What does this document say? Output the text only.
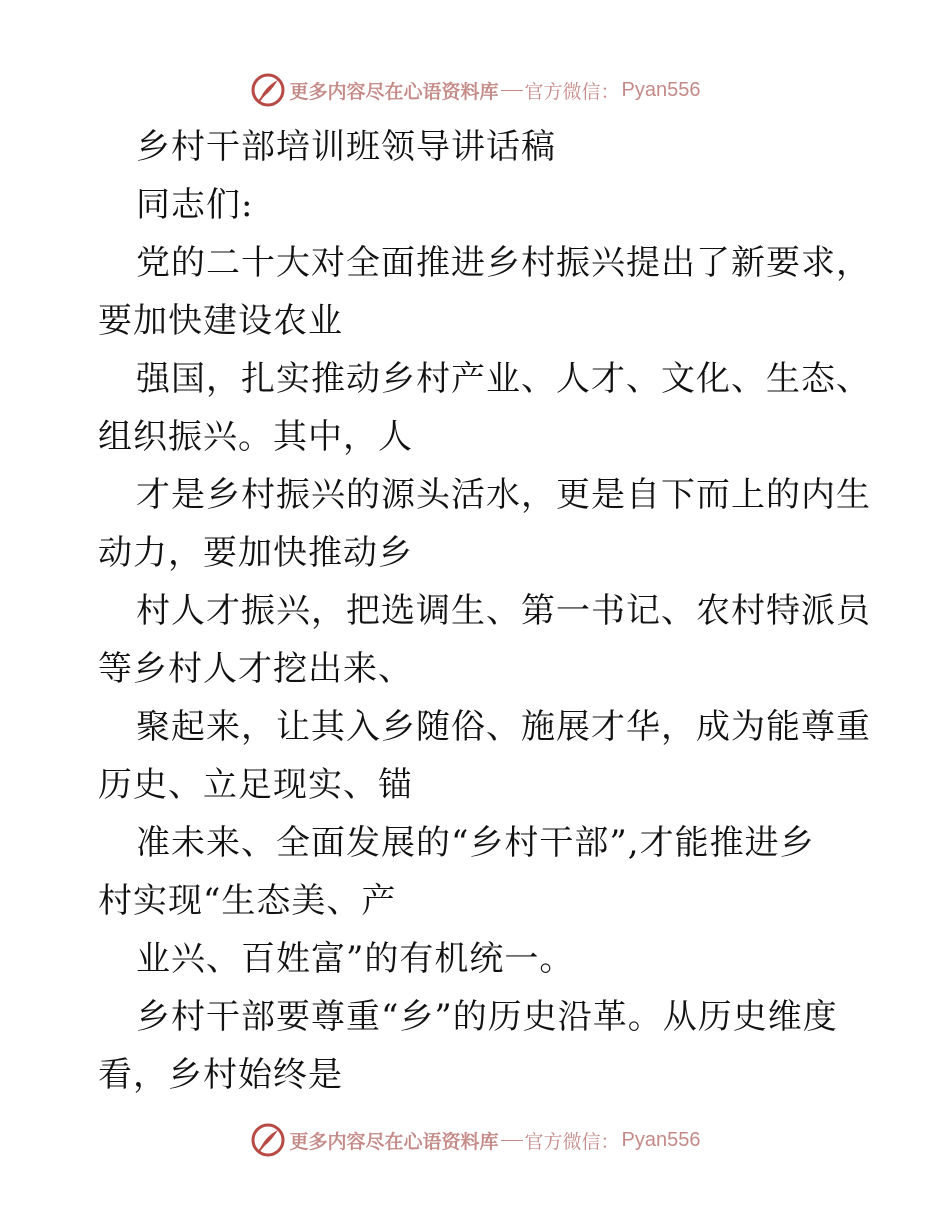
更多内容尽在心语资料库 官方微信： Pyan556
乡村干部培训班领导讲话稿
同志们:
党的二十大对全面推进乡村振兴提出了新要求，
要加快建设农业
强国，扎实推动乡村产业、人才、文化、生态、
组织振兴。其中，人
才是乡村振兴的源头活水，更是自下而上的内生
动力，要加快推动乡
村人才振兴，把选调生、第一书记、农村特派员
等乡村人才挖出来、
聚起来，让其入乡随俗、施展才华，成为能尊重
历史、立足现实、锚
准未来、全面发展的“乡村干部”,才能推进乡
村实现“生态美、产
业兴、百姓富”的有机统一。
乡村干部要尊重“乡”的历史沿革。从历史维度
看，乡村始终是
更多内容尽在心语资料库 官方微信： Pyan556
